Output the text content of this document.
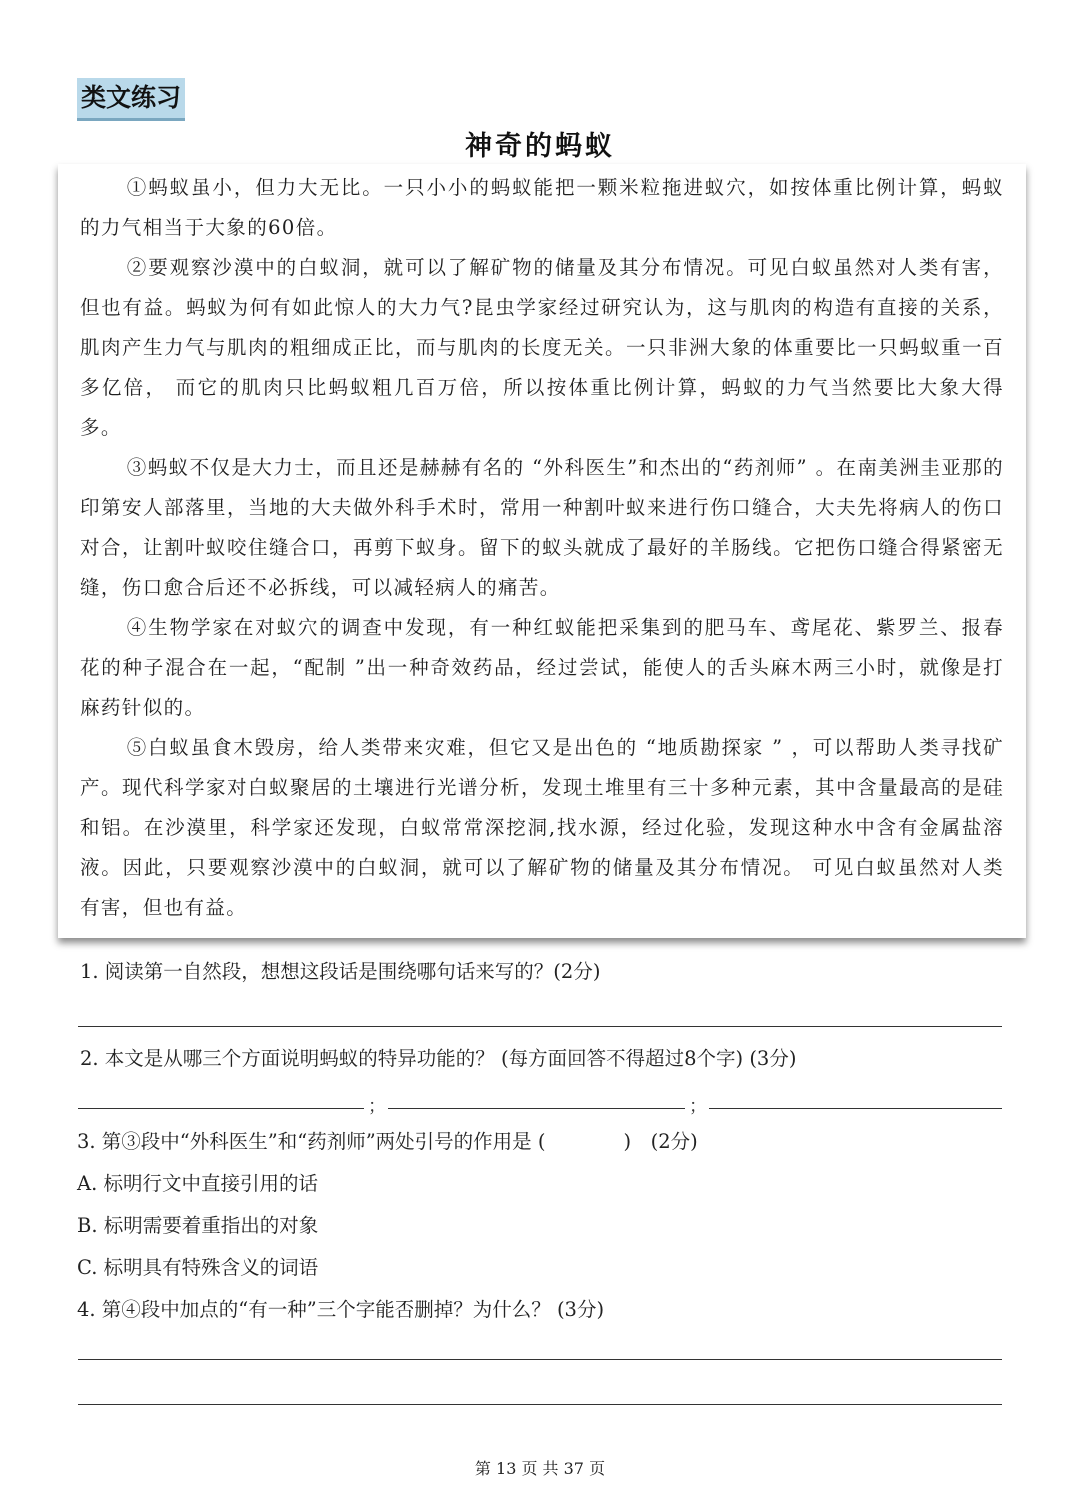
类文练习
神奇的蚂蚁

①蚂蚁虽小，但力大无比。一只小小的蚂蚁能把一颗米粒拖进蚁穴，如按体重比例计算，蚂蚁的力气相当于大象的60倍。

②要观察沙漠中的白蚁洞，就可以了解矿物的储量及其分布情况。可见白蚁虽然对人类有害，但也有益。蚂蚁为何有如此惊人的大力气?昆虫学家经过研究认为，这与肌肉的构造有直接的关系，肌肉产生力气与肌肉的粗细成正比，而与肌肉的长度无关。一只非洲大象的体重要比一只蚂蚁重一百多亿倍， 而它的肌肉只比蚂蚁粗几百万倍，所以按体重比例计算，蚂蚁的力气当然要比大象大得多。

③蚂蚁不仅是大力士，而且还是赫赫有名的 “外科医生”和杰出的“药剂师” 。在南美洲圭亚那的印第安人部落里，当地的大夫做外科手术时，常用一种割叶蚁来进行伤口缝合，大夫先将病人的伤口对合，让割叶蚁咬住缝合口，再剪下蚁身。留下的蚁头就成了最好的羊肠线。它把伤口缝合得紧密无缝，伤口愈合后还不必拆线，可以减轻病人的痛苦。

④生物学家在对蚁穴的调查中发现，有一种红蚁能把采集到的肥马车、鸢尾花、紫罗兰、报春花的种子混合在一起，“配制 ”出一种奇效药品，经过尝试，能使人的舌头麻木两三小时，就像是打麻药针似的。

⑤白蚁虽食木毁房，给人类带来灾难，但它又是出色的 “地质勘探家 ” ，可以帮助人类寻找矿产。现代科学家对白蚁聚居的土壤进行光谱分析，发现土堆里有三十多种元素，其中含量最高的是硅和铝。在沙漠里，科学家还发现，白蚁常常深挖洞,找水源，经过化验，发现这种水中含有金属盐溶液。因此，只要观察沙漠中的白蚁洞，就可以了解矿物的储量及其分布情况。 可见白蚁虽然对人类有害，但也有益。

1. 阅读第一自然段，想想这段话是围绕哪句话来写的？(2分)
2. 本文是从哪三个方面说明蚂蚁的特异功能的？ (每方面回答不得超过8个字) (3分)
；	；
3. 第③段中“外科医生”和“药剂师”两处引号的作用是 (　　　　)　(2分)
A. 标明行文中直接引用的话
B. 标明需要着重指出的对象
C. 标明具有特殊含义的词语
4. 第④段中加点的“有一种”三个字能否删掉？为什么？ (3分)
第 13 页 共 37 页
